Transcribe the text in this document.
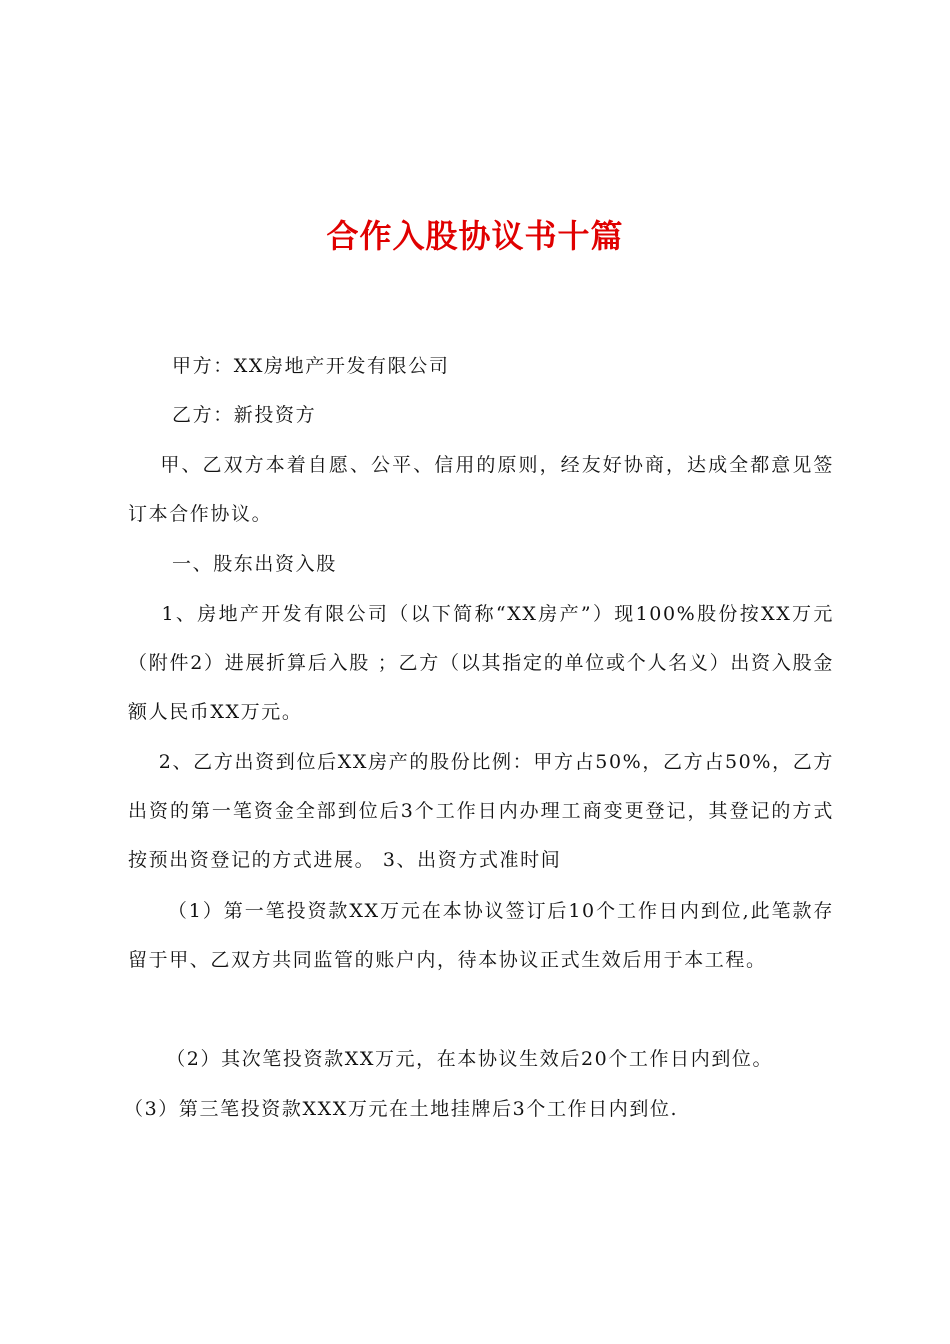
合作入股协议书十篇

甲方：XX房地产开发有限公司

乙方：新投资方

甲、乙双方本着自愿、公平、信用的原则，经友好协商，达成全都意见签订本合作协议。

一、股东出资入股

1、房地产开发有限公司（以下简称“XX房产”）现100%股份按XX万元（附件2）进展折算后入股 ；乙方（以其指定的单位或个人名义）出资入股金额人民币XX万元。

2、乙方出资到位后XX房产的股份比例：甲方占50%，乙方占50%，乙方出资的第一笔资金全部到位后3个工作日内办理工商变更登记，其登记的方式按预出资登记的方式进展。 3、出资方式准时间

（1）第一笔投资款XX万元在本协议签订后10个工作日内到位,此笔款存留于甲、乙双方共同监管的账户内，待本协议正式生效后用于本工程。

（2）其次笔投资款XX万元，在本协议生效后20个工作日内到位。

（3）第三笔投资款XXX万元在土地挂牌后3个工作日内到位.
